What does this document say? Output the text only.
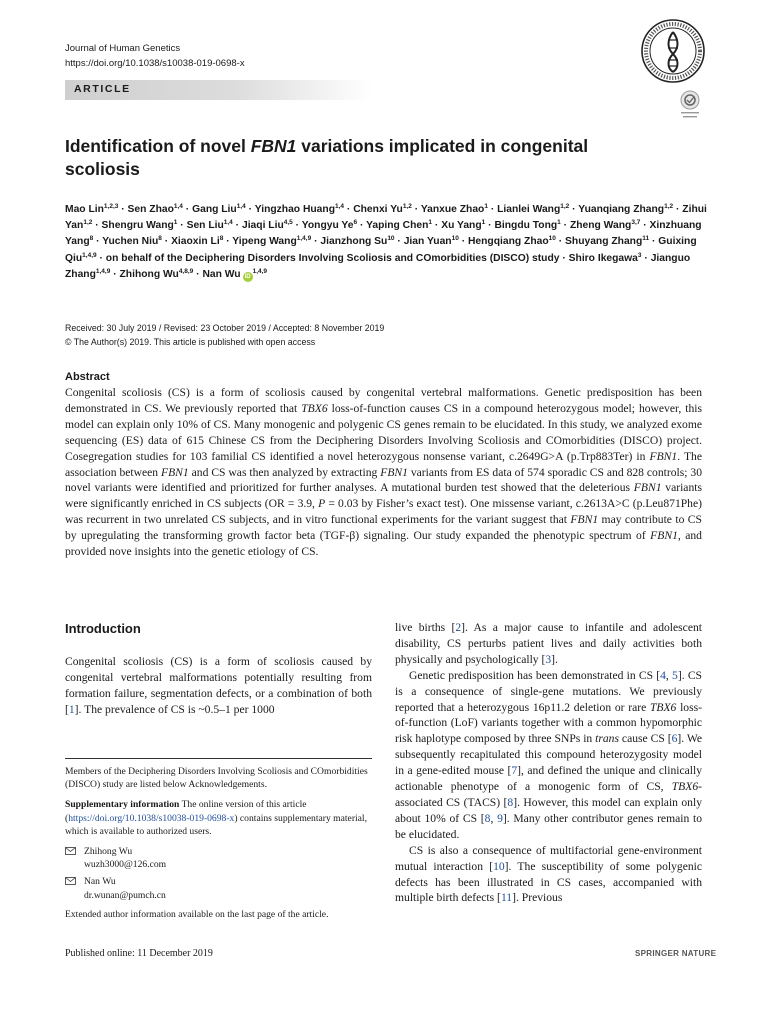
Journal of Human Genetics
https://doi.org/10.1038/s10038-019-0698-x
ARTICLE
Identification of novel FBN1 variations implicated in congenital scoliosis
Mao Lin$^{1,2,3}$ · Sen Zhao$^{1,4}$ · Gang Liu$^{1,4}$ · Yingzhao Huang$^{1,4}$ · Chenxi Yu$^{1,2}$ · Yanxue Zhao$^1$ · Lianlei Wang$^{1,2}$ · Yuanqiang Zhang$^{1,2}$ · Zihui Yan$^{1,2}$ · Shengru Wang$^1$ · Sen Liu$^{1,4}$ · Jiaqi Liu$^{4,5}$ · Yongyu $Ye^6$ · Yaping Chen$^1$ · Xu Yang$^1$ · Bingdu Tong$^1$ · Zheng Wang$^{3,7}$ · Xinzhuang Yang$^8$ · Yuchen Niu$^8$ · Xiaoxin $Li^8$ · Yipeng Wang$^{1,4,9}$ · Jianzhong $Su^{10}$ · Jian Yuan$^{10}$ · Hengqiang Zhao$^{10}$ · Shuyang Zhang$^{11}$ · Guixing Qiu$^{1,4,9}$ · on behalf of the Deciphering Disorders Involving Scoliosis and COmorbidities (DISCO) study · Shiro Ikegawa$^3$ · Jianguo Zhang$^{1,4,9}$ · Zhihong Wu$^{4,8,9}$ · Nan Wu iD$^{1,4,9}$
Received: 30 July 2019 / Revised: 23 October 2019 / Accepted: 8 November 2019
© The Author(s) 2019. This article is published with open access
Abstract
Congenital scoliosis (CS) is a form of scoliosis caused by congenital vertebral malformations. Genetic predisposition has been demonstrated in CS. We previously reported that TBX6 loss-of-function causes CS in a compound heterozygous model; however, this model can explain only 10% of CS. Many monogenic and polygenic CS genes remain to be elucidated. In this study, we analyzed exome sequencing (ES) data of 615 Chinese CS from the Deciphering Disorders Involving Scoliosis and COmorbidities (DISCO) project. Cosegregation studies for 103 familial CS identified a novel heterozygous nonsense variant, c.2649G>A (p.Trp883Ter) in FBN1. The association between FBN1 and CS was then analyzed by extracting FBN1 variants from ES data of 574 sporadic CS and 828 controls; 30 novel variants were identified and prioritized for further analyses. A mutational burden test showed that the deleterious FBN1 variants were significantly enriched in CS subjects (OR = 3.9, P = 0.03 by Fisher’s exact test). One missense variant, c.2613A>C (p.Leu871Phe) was recurrent in two unrelated CS subjects, and in vitro functional experiments for the variant suggest that FBN1 may contribute to CS by upregulating the transforming growth factor beta (TGF-β) signaling. Our study expanded the phenotypic spectrum of FBN1, and provided nove insights into the genetic etiology of CS.
Introduction
Congenital scoliosis (CS) is a form of scoliosis caused by congenital vertebral malformations potentially resulting from formation failure, segmentation defects, or a combination of both [1]. The prevalence of CS is ~0.5–1 per 1000

Members of the Deciphering Disorders Involving Scoliosis and COmorbidities (DISCO) study are listed below Acknowledgements.

Supplementary information The online version of this article (https://doi.org/10.1038/s10038-019-0698-x) contains supplementary material, which is available to authorized users.

Zhihong Wu
wuzh3000@126.com
Nan Wu
dr.wunan@pumch.cn

Extended author information available on the last page of the article.

live births [2]. As a major cause to infantile and adolescent disability, CS perturbs patient lives and daily activities both physically and psychologically [3].

Genetic predisposition has been demonstrated in CS [4, 5]. CS is a consequence of single-gene mutations. We previously reported that a heterozygous 16p11.2 deletion or rare TBX6 loss-of-function (LoF) variants together with a common hypomorphic risk haplotype composed by three SNPs in trans cause CS [6]. We subsequently recapitulated this compound heterozygosity model in a gene-edited mouse [7], and defined the unique and clinically actionable phenotype of a monogenic form of CS, TBX6-associated CS (TACS) [8]. However, this model can explain only about 10% of CS [8, 9]. Many other contributor genes remain to be elucidated.

CS is also a consequence of multifactorial gene-environment mutual interaction [10]. The susceptibility of some polygenic defects has been illustrated in CS cases, accompanied with multiple birth defects [11]. Previous

Published online: 11 December 2019	SPRINGER NATURE
